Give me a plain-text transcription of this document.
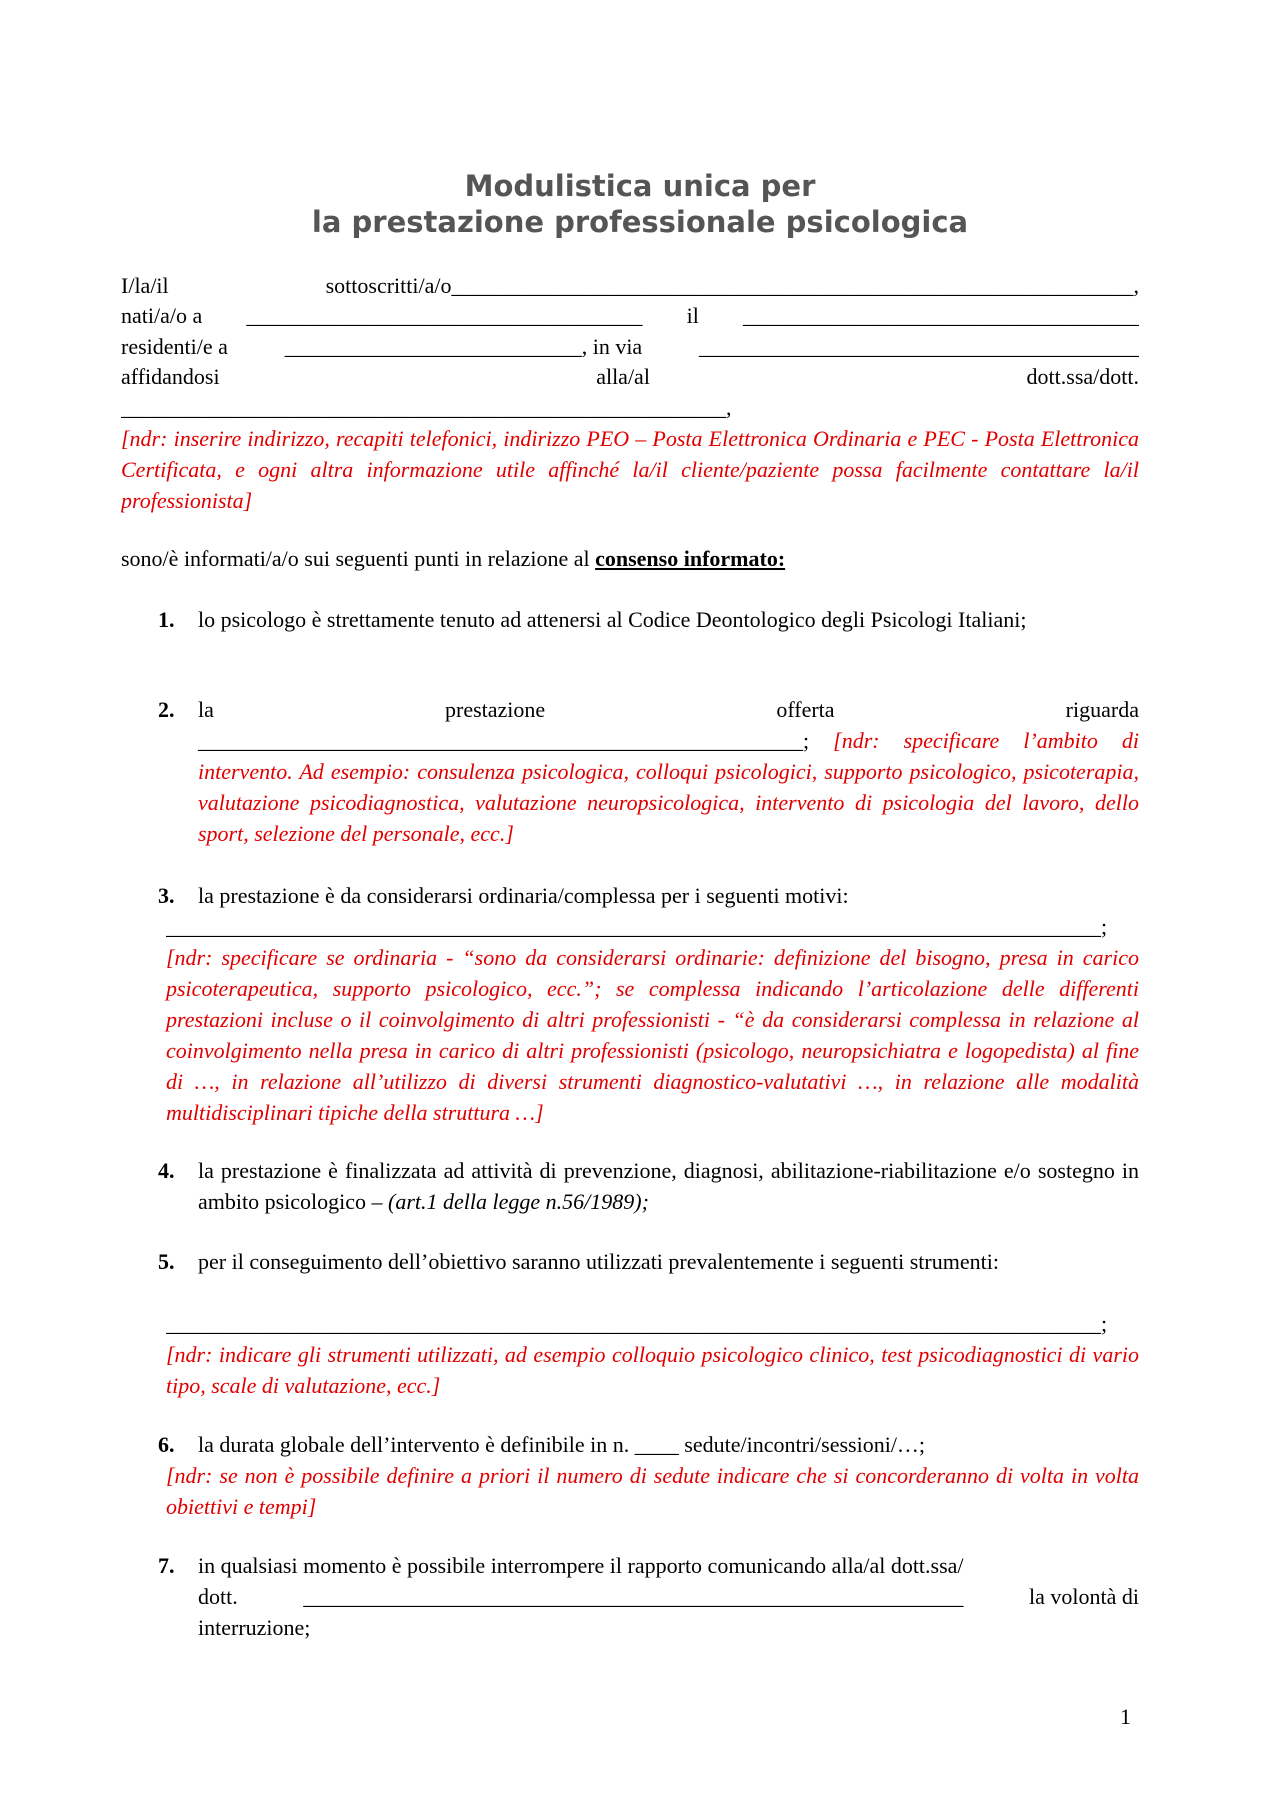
Modulistica unica per
la prestazione professionale psicologica
I/la/il	sottoscritti/a/o______________________________________________________________,
nati/a/o a ____________________________________ il ____________________________________
residenti/e a	___________________________, in via	________________________________________
affidandosi	alla/al	dott.ssa/dott.
_______________________________________________________,
[ndr: inserire indirizzo, recapiti telefonici, indirizzo PEO – Posta Elettronica Ordinaria e PEC - Posta Elettronica Certificata, e ogni altra informazione utile affinché la/il cliente/paziente possa facilmente contattare la/il professionista]
sono/è informati/a/o sui seguenti punti in relazione al consenso informato:
1. lo psicologo è strettamente tenuto ad attenersi al Codice Deontologico degli Psicologi Italiani;
2. la	prestazione	offerta	riguarda
_______________________________________________________; [ndr: specificare l’ambito di intervento. Ad esempio: consulenza psicologica, colloqui psicologici, supporto psicologico, psicoterapia, valutazione psicodiagnostica, valutazione neuropsicologica, intervento di psicologia del lavoro, dello sport, selezione del personale, ecc.]
3. la prestazione è da considerarsi ordinaria/complessa per i seguenti motivi:
_____________________________________________________________________________________;
[ndr: specificare se ordinaria - “sono da considerarsi ordinarie: definizione del bisogno, presa in carico psicoterapeutica, supporto psicologico, ecc.”; se complessa indicando l’articolazione delle differenti prestazioni incluse o il coinvolgimento di altri professionisti - “è da considerarsi complessa in relazione al coinvolgimento nella presa in carico di altri professionisti (psicologo, neuropsichiatra e logopedista) al fine di …, in relazione all’utilizzo di diversi strumenti diagnostico-valutativi …, in relazione alle modalità multidisciplinari tipiche della struttura …]
4. la prestazione è finalizzata ad attività di prevenzione, diagnosi, abilitazione-riabilitazione e/o sostegno in ambito psicologico – (art.1 della legge n.56/1989);
5. per il conseguimento dell’obiettivo saranno utilizzati prevalentemente i seguenti strumenti:
_____________________________________________________________________________________;
[ndr: indicare gli strumenti utilizzati, ad esempio colloquio psicologico clinico, test psicodiagnostici di vario tipo, scale di valutazione, ecc.]
6. la durata globale dell’intervento è definibile in n. ____ sedute/incontri/sessioni/…;
[ndr: se non è possibile definire a priori il numero di sedute indicare che si concorderanno di volta in volta obiettivi e tempi]
7. in qualsiasi momento è possibile interrompere il rapporto comunicando alla/al dott.ssa/
dott.	____________________________________________________________	la volontà di
interruzione;
1
